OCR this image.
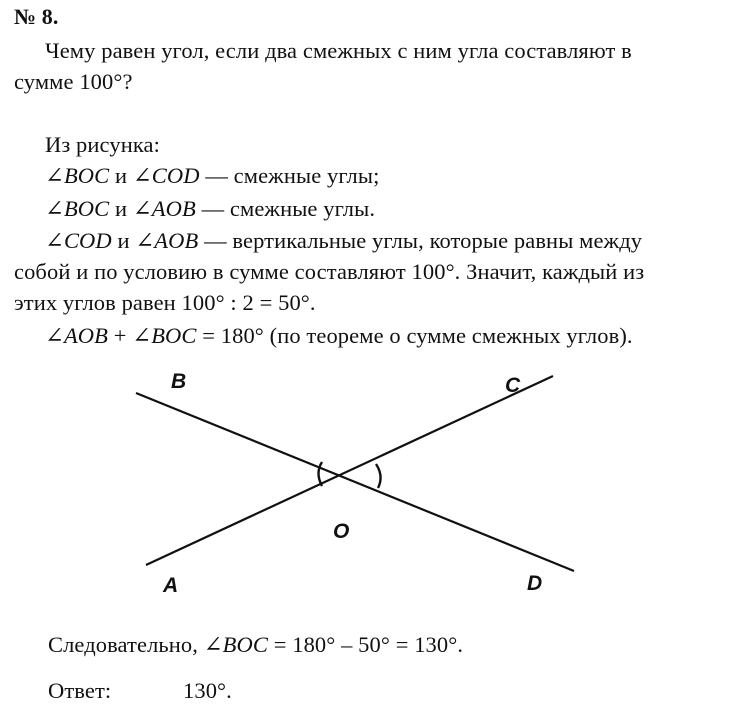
№ 8.
Чему равен угол, если два смежных с ним угла составляют в
сумме 100°?
Из рисунка:
∠BOC и ∠COD — смежные углы;
∠BOC и ∠AOB — смежные углы.
∠COD и ∠AOB — вертикальные углы, которые равны между
собой и по условию в сумме составляют 100°. Значит, каждый из
этих углов равен 100° : 2 = 50°.
∠AOB + ∠BOC = 180° (по теореме о сумме смежных углов).
B	C
O
A	D
Следовательно, ∠BOC = 180° – 50° = 130°.
Ответ:	130°.
